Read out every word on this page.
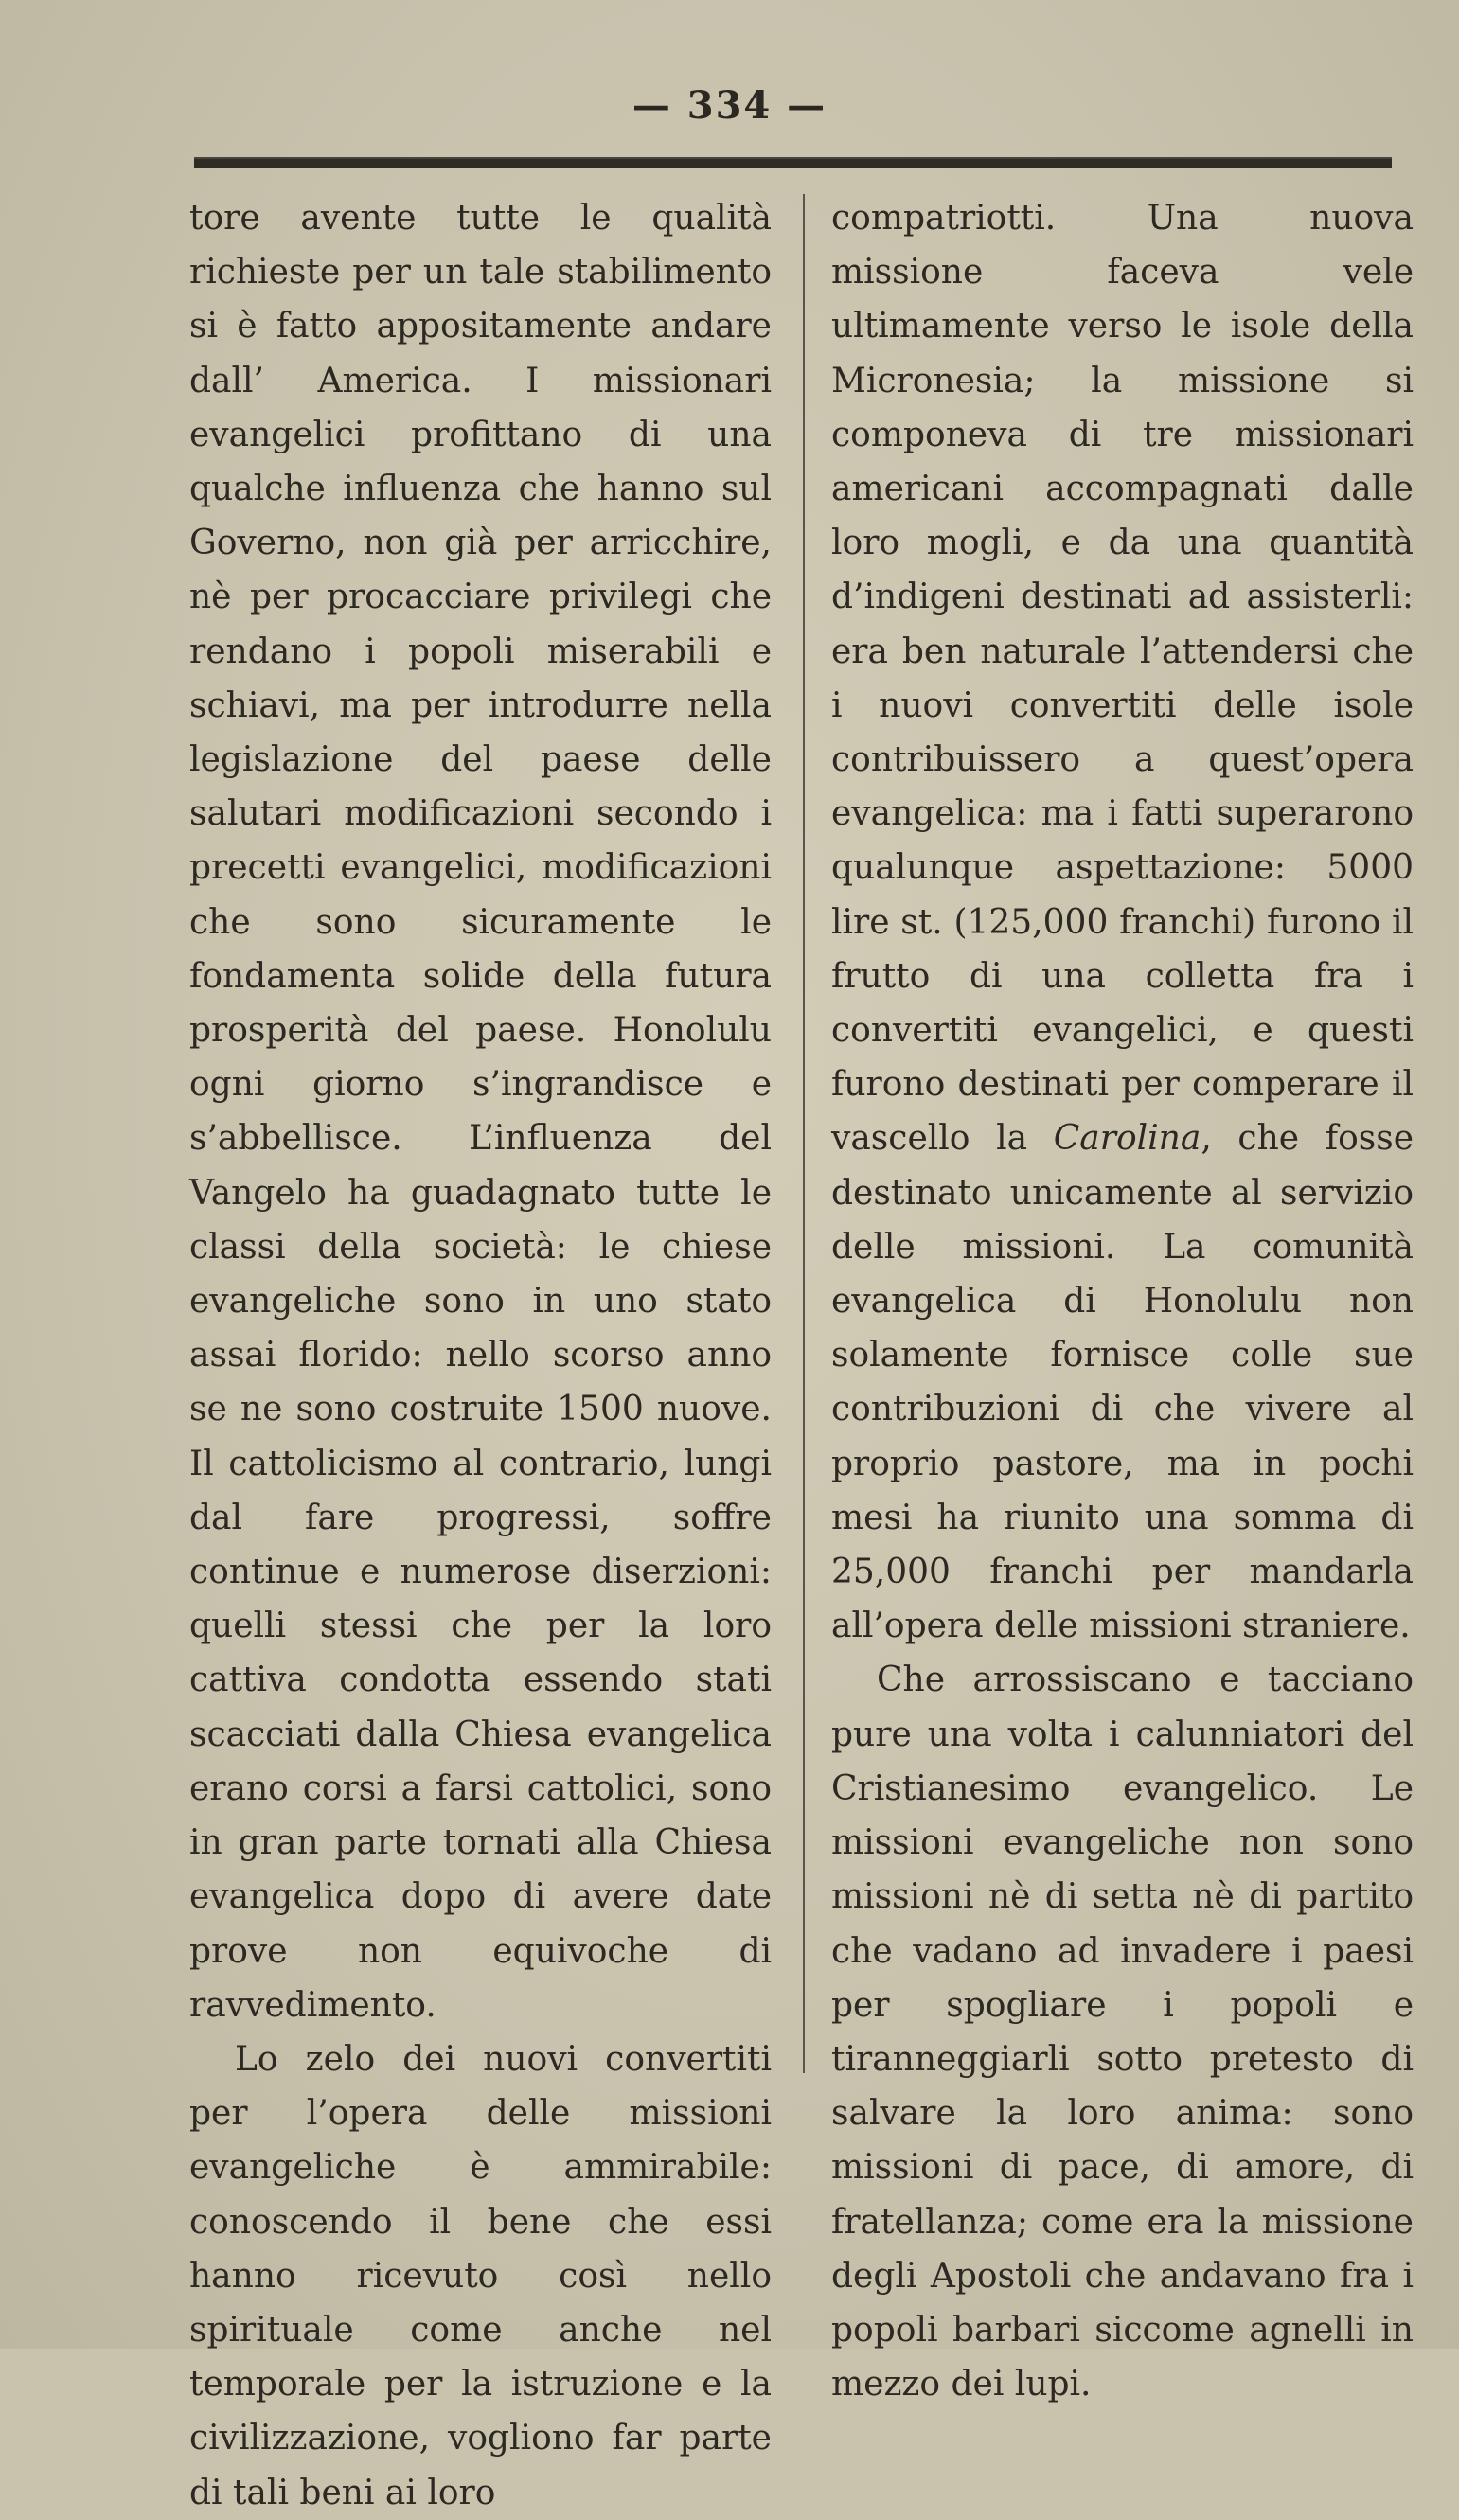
— 334 —

tore avente tutte le qualità richieste per un tale stabilimento si è fatto appositamente andare dall’ America. I missionari evangelici profittano di una qualche influenza che hanno sul Governo, non già per arricchire, nè per procacciare privilegi che rendano i popoli miserabili e schiavi, ma per introdurre nella legislazione del paese delle salutari modificazioni secondo i precetti evangelici, modificazioni che sono sicuramente le fondamenta solide della futura prosperità del paese. Honolulu ogni giorno s’ingrandisce e s’abbellisce. L’influenza del Vangelo ha guadagnato tutte le classi della società: le chiese evangeliche sono in uno stato assai florido: nello scorso anno se ne sono costruite 1500 nuove. Il cattolicismo al contrario, lungi dal fare progressi, soffre continue e numerose diserzioni: quelli stessi che per la loro cattiva condotta essendo stati scacciati dalla Chiesa evangelica erano corsi a farsi cattolici, sono in gran parte tornati alla Chiesa evangelica dopo di avere date prove non equivoche di ravvedimento.

Lo zelo dei nuovi convertiti per l’opera delle missioni evangeliche è ammirabile: conoscendo il bene che essi hanno ricevuto così nello spirituale come anche nel temporale per la istruzione e la civilizzazione, vogliono far parte di tali beni ai loro

compatriotti. Una nuova missione faceva vele ultimamente verso le isole della Micronesia; la missione si componeva di tre missionari americani accompagnati dalle loro mogli, e da una quantità d’indigeni destinati ad assisterli: era ben naturale l’attendersi che i nuovi convertiti delle isole contribuissero a quest’opera evangelica: ma i fatti superarono qualunque aspettazione: 5000 lire st. (125,000 franchi) furono il frutto di una colletta fra i convertiti evangelici, e questi furono destinati per comperare il vascello la Carolina, che fosse destinato unicamente al servizio delle missioni. La comunità evangelica di Honolulu non solamente fornisce colle sue contribuzioni di che vivere al proprio pastore, ma in pochi mesi ha riunito una somma di 25,000 franchi per mandarla all’opera delle missioni straniere.

Che arrossiscano e tacciano pure una volta i calunniatori del Cristianesimo evangelico. Le missioni evangeliche non sono missioni nè di setta nè di partito che vadano ad invadere i paesi per spogliare i popoli e tiranneggiarli sotto pretesto di salvare la loro anima: sono missioni di pace, di amore, di fratellanza; come era la missione degli Apostoli che andavano fra i popoli barbari siccome agnelli in mezzo dei lupi.
